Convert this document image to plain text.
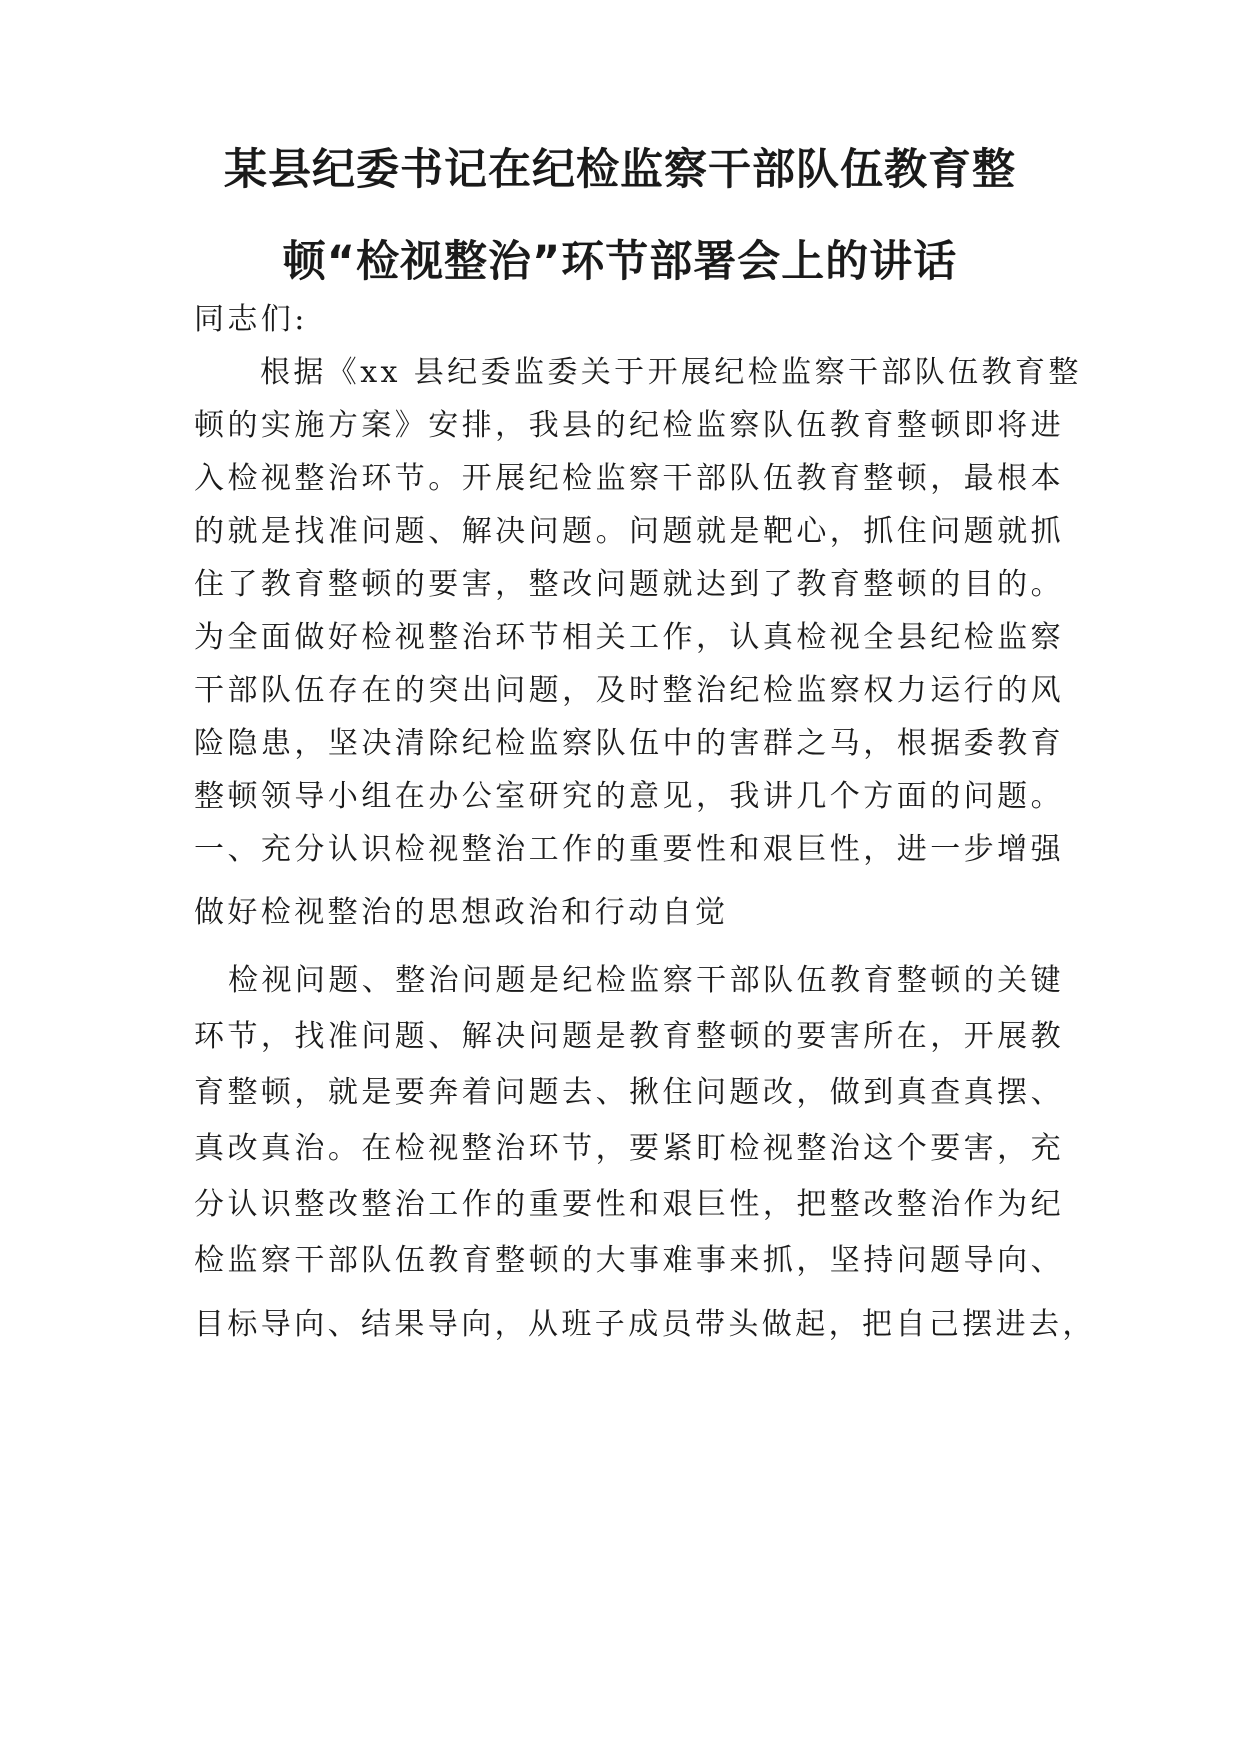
某县纪委书记在纪检监察干部队伍教育整
顿“检视整治”环节部署会上的讲话
同志们:
根据《xx 县纪委监委关于开展纪检监察干部队伍教育整
顿的实施方案》安排，我县的纪检监察队伍教育整顿即将进
入检视整治环节。开展纪检监察干部队伍教育整顿，最根本
的就是找准问题、解决问题。问题就是靶心，抓住问题就抓
住了教育整顿的要害，整改问题就达到了教育整顿的目的。
为全面做好检视整治环节相关工作，认真检视全县纪检监察
干部队伍存在的突出问题，及时整治纪检监察权力运行的风
险隐患，坚决清除纪检监察队伍中的害群之马，根据委教育
整顿领导小组在办公室研究的意见，我讲几个方面的问题。
一、充分认识检视整治工作的重要性和艰巨性，进一步增强
做好检视整治的思想政治和行动自觉
检视问题、整治问题是纪检监察干部队伍教育整顿的关键
环节，找准问题、解决问题是教育整顿的要害所在，开展教
育整顿，就是要奔着问题去、揪住问题改，做到真查真摆、
真改真治。在检视整治环节，要紧盯检视整治这个要害，充
分认识整改整治工作的重要性和艰巨性，把整改整治作为纪
检监察干部队伍教育整顿的大事难事来抓，坚持问题导向、
目标导向、结果导向，从班子成员带头做起，把自己摆进去，
